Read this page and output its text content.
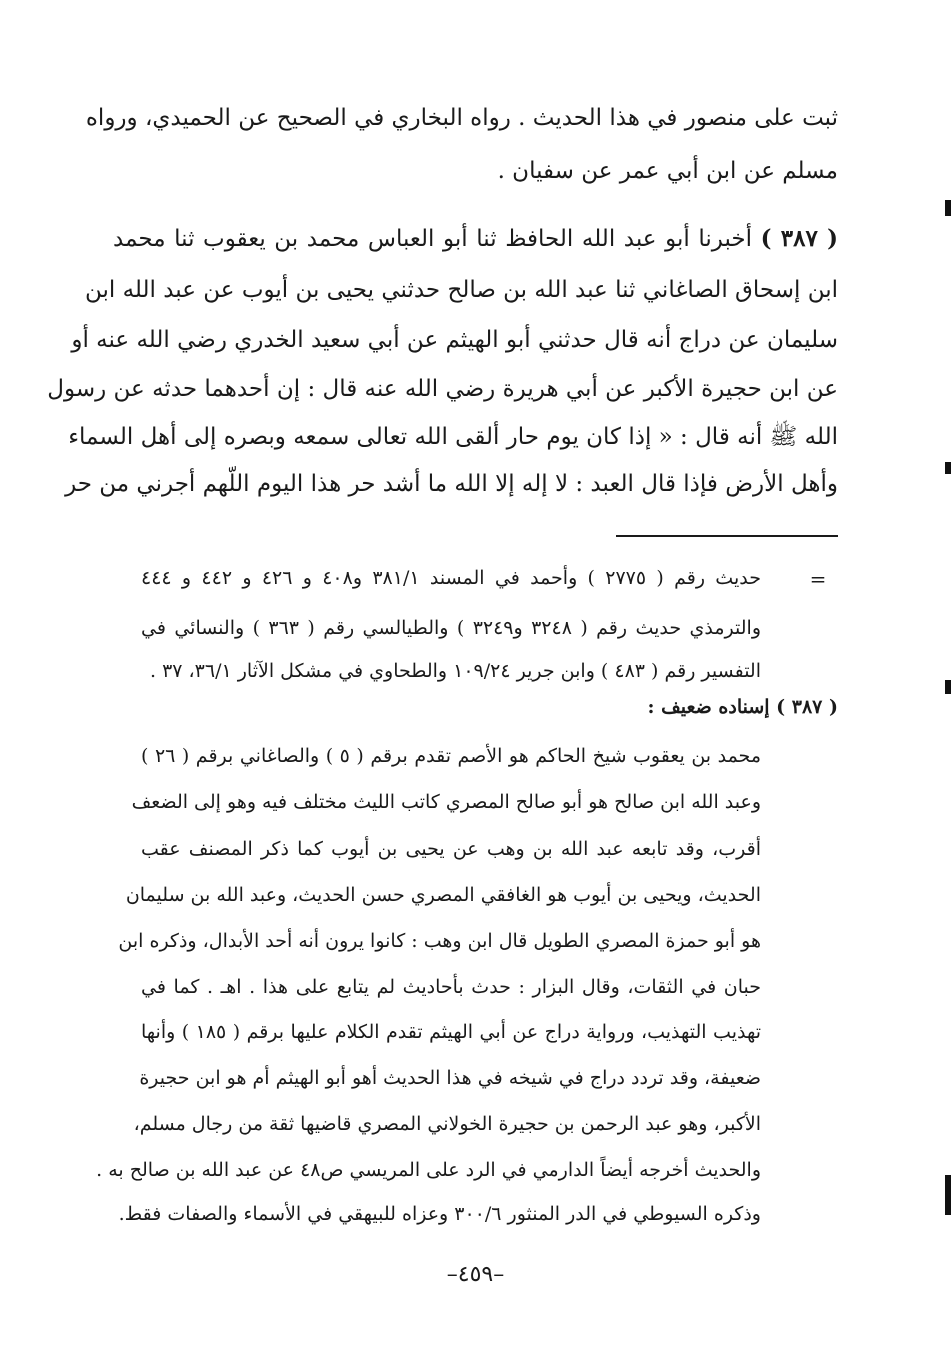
ثبت على منصور في هذا الحديث . رواه البخاري في الصحيح عن الحميدي، ورواه
مسلم عن ابن أبي عمر عن سفيان .
( ٣٨٧ ) أخبرنا أبو عبد الله الحافظ ثنا أبو العباس محمد بن يعقوب ثنا محمد
ابن إسحاق الصاغاني ثنا عبد الله بن صالح حدثني يحيى بن أيوب عن عبد الله ابن
سليمان عن دراج أنه قال حدثني أبو الهيثم عن أبي سعيد الخدري رضي الله عنه أو
عن ابن حجيرة الأكبر عن أبي هريرة رضي الله عنه قال : إن أحدهما حدثه عن رسول
الله ﷺ أنه قال : « إذا كان يوم حار ألقى الله تعالى سمعه وبصره إلى أهل السماء
وأهل الأرض فإذا قال العبد : لا إله إلا الله ما أشد حر هذا اليوم اللّهم أجرني من حر
=
حديث رقم ( ٢٧٧٥ ) وأحمد في المسند ٣٨١/١ و٤٠٨ و ٤٢٦ و ٤٤٢ و ٤٤٤
والترمذي حديث رقم ( ٣٢٤٨ و٣٢٤٩ ) والطيالسي رقم ( ٣٦٣ ) والنسائي في
التفسير رقم ( ٤٨٣ ) وابن جرير ١٠٩/٢٤ والطحاوي في مشكل الآثار ٣٦/١، ٣٧ .
( ٣٨٧ ) إسناده ضعيف :
محمد بن يعقوب شيخ الحاكم هو الأصم تقدم برقم ( ٥ ) والصاغاني برقم ( ٢٦ )
وعبد الله ابن صالح هو أبو صالح المصري كاتب الليث مختلف فيه وهو إلى الضعف
أقرب، وقد تابعه عبد الله بن وهب عن يحيى بن أيوب كما ذكر المصنف عقب
الحديث، ويحيى بن أيوب هو الغافقي المصري حسن الحديث، وعبد الله بن سليمان
هو أبو حمزة المصري الطويل قال ابن وهب : كانوا يرون أنه أحد الأبدال، وذكره ابن
حبان في الثقات، وقال البزار : حدث بأحاديث لم يتابع على هذا . اهـ . كما في
تهذيب التهذيب، ورواية دراج عن أبي الهيثم تقدم الكلام عليها برقم ( ١٨٥ ) وأنها
ضعيفة، وقد تردد دراج في شيخه في هذا الحديث أهو أبو الهيثم أم هو ابن حجيرة
الأكبر، وهو عبد الرحمن بن حجيرة الخولاني المصري قاضيها ثقة من رجال مسلم،
والحديث أخرجه أيضاً الدارمي في الرد على المريسي ص٤٨ عن عبد الله بن صالح به .
وذكره السيوطي في الدر المنثور ٣٠٠/٦ وعزاه للبيهقي في الأسماء والصفات فقط.
–٤٥٩–
